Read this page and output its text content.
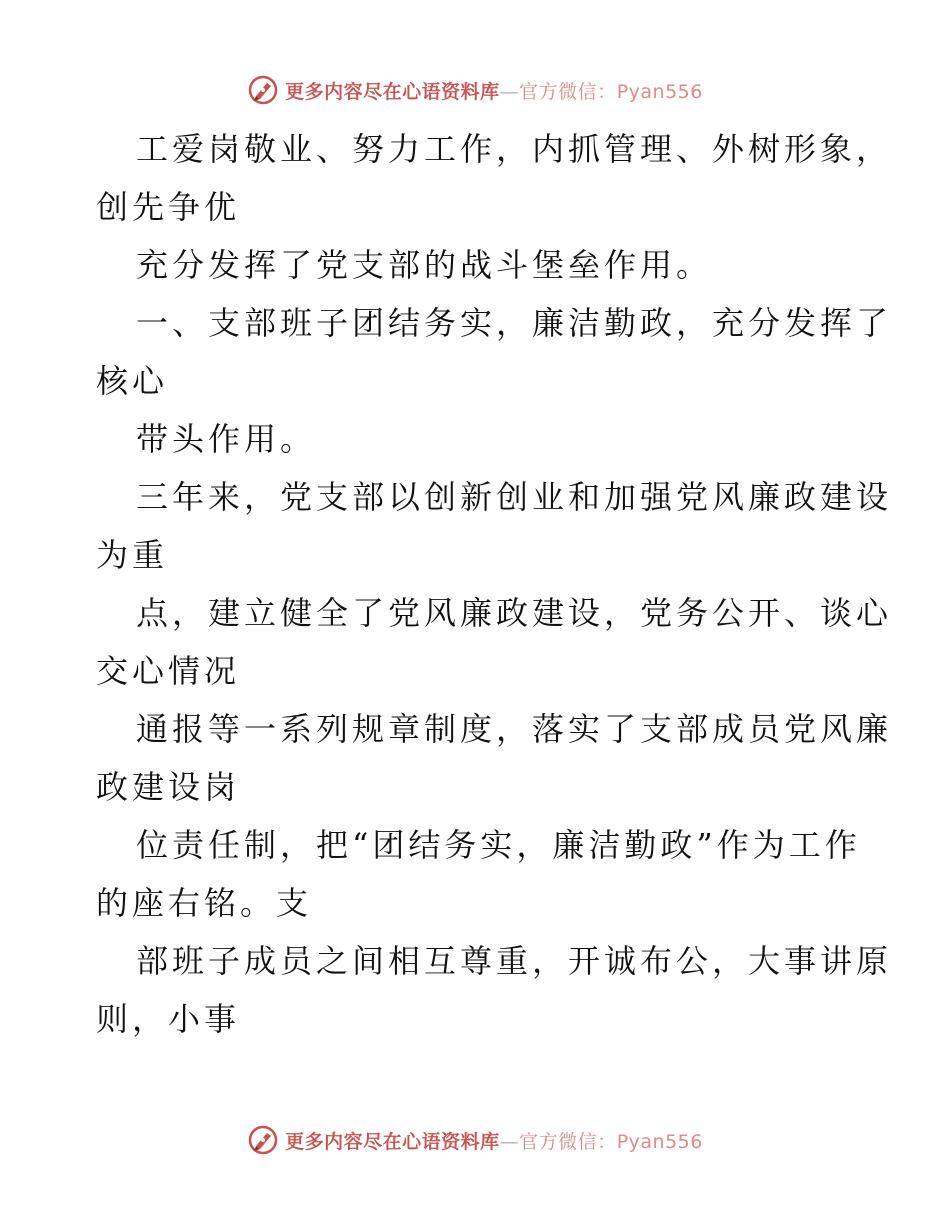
更多内容尽在心语资料库—官方微信：Pyan556
工爱岗敬业、努力工作，内抓管理、外树形象，
创先争优
充分发挥了党支部的战斗堡垒作用。
一、支部班子团结务实，廉洁勤政，充分发挥了
核心
带头作用。
三年来，党支部以创新创业和加强党风廉政建设
为重
点，建立健全了党风廉政建设，党务公开、谈心
交心情况
通报等一系列规章制度，落实了支部成员党风廉
政建设岗
位责任制，把“团结务实，廉洁勤政”作为工作
的座右铭。支
部班子成员之间相互尊重，开诚布公，大事讲原
则，小事
更多内容尽在心语资料库—官方微信：Pyan556
